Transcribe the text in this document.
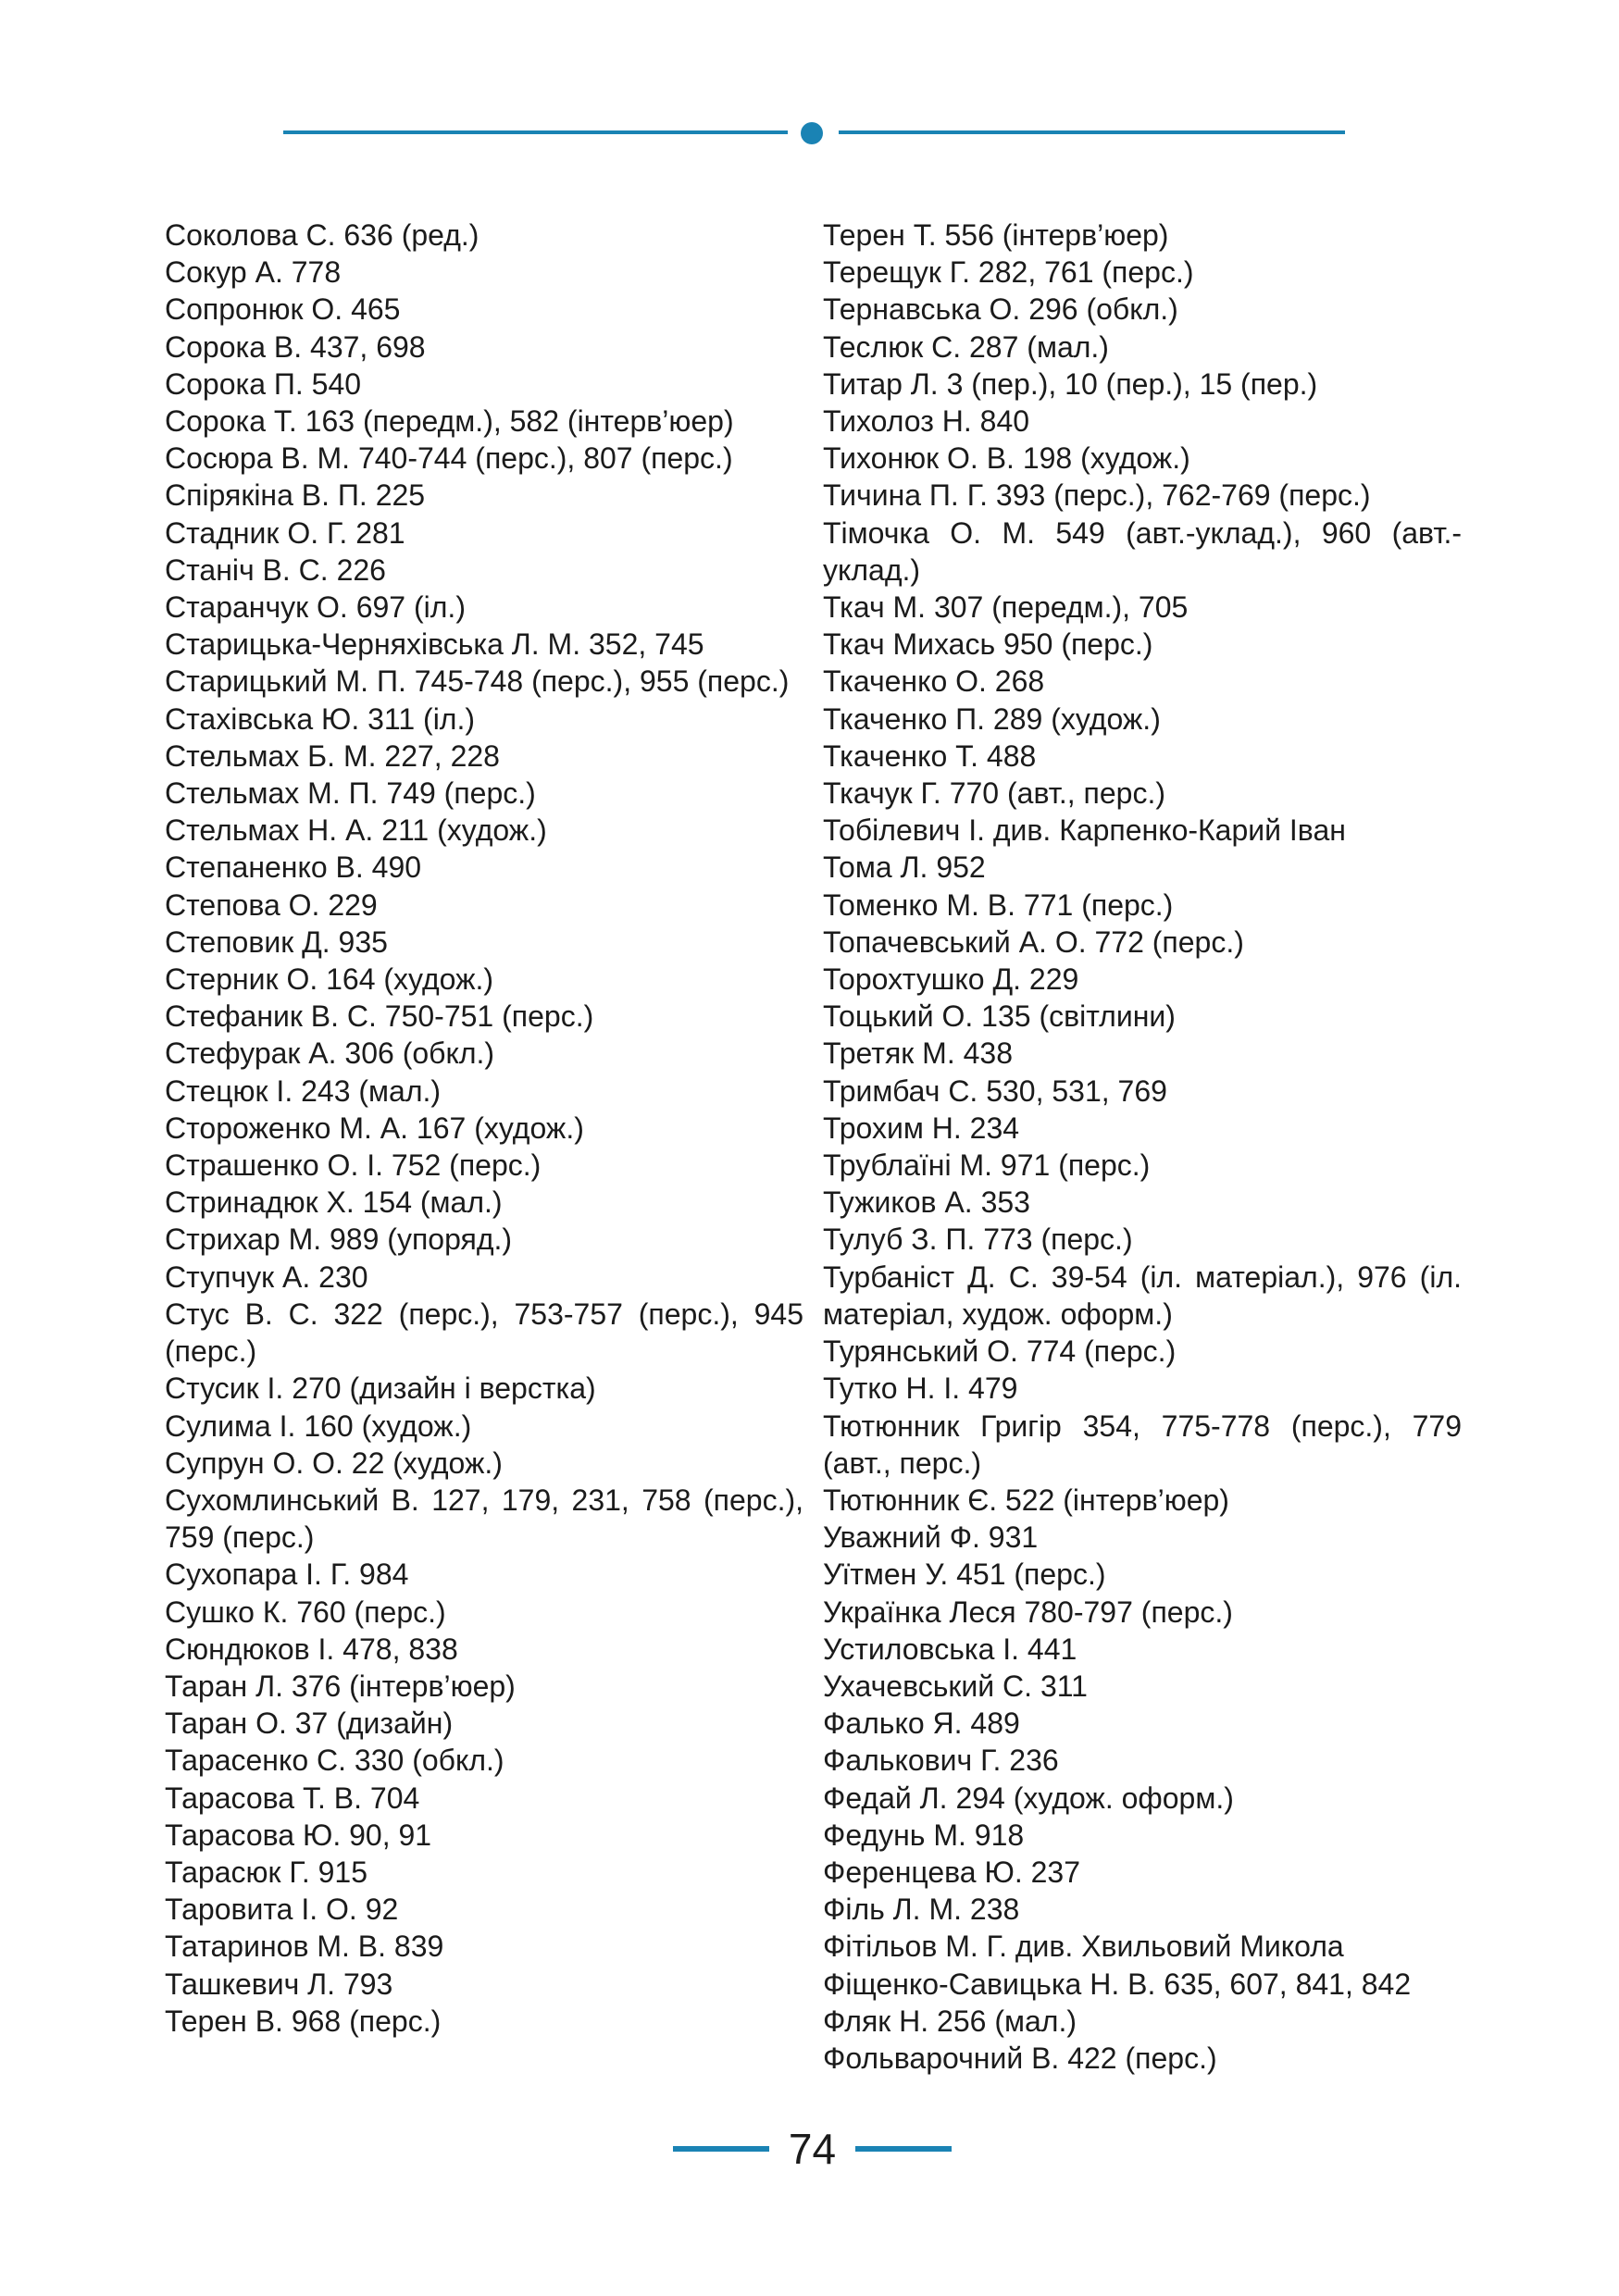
Соколова С. 636 (ред.)

Сокур А. 778

Сопронюк О. 465

Сорока В. 437, 698

Сорока П. 540

Сорока Т. 163 (передм.), 582 (інтерв’юер)

Сосюра В. М. 740-744 (перс.), 807 (перс.)

Спірякіна В. П. 225

Стадник О. Г. 281

Станіч В. С. 226

Старанчук О. 697 (іл.)

Старицька-Черняхівська Л. М. 352, 745

Старицький М. П. 745-748 (перс.), 955 (перс.)

Стахівська Ю. 311 (іл.)

Стельмах Б. М. 227, 228

Стельмах М. П. 749 (перс.)

Стельмах Н. А. 211 (худож.)

Степаненко В. 490

Степова О. 229

Степовик Д. 935

Стерник О. 164 (худож.)

Стефаник В. С. 750-751 (перс.)

Стефурак А. 306 (обкл.)

Стецюк І. 243 (мал.)

Стороженко М. А. 167 (худож.)

Страшенко О. І. 752 (перс.)

Стринадюк Х. 154 (мал.)

Стрихар М. 989 (упоряд.)

Ступчук А. 230

Стус В. С. 322 (перс.), 753-757 (перс.), 945 (перс.)

Стусик І. 270 (дизайн і верстка)

Сулима І. 160 (худож.)

Супрун О. О. 22 (худож.)

Сухомлинський В. 127, 179, 231, 758 (перс.), 759 (перс.)

Сухопара І. Г. 984

Сушко К. 760 (перс.)

Сюндюков І. 478, 838

Таран Л. 376 (інтерв’юер)

Таран О. 37 (дизайн)

Тарасенко С. 330 (обкл.)

Тарасова Т. В. 704

Тарасова Ю. 90, 91

Тарасюк Г. 915

Таровита І. О. 92

Татаринов М. В. 839

Ташкевич Л. 793

Терен В. 968 (перс.)

Терен Т. 556 (інтерв’юер)

Терещук Г. 282, 761 (перс.)

Тернавська О. 296 (обкл.)

Теслюк С. 287 (мал.)

Титар Л. 3 (пер.), 10 (пер.), 15 (пер.)

Тихолоз Н. 840

Тихонюк О. В. 198 (худож.)

Тичина П. Г. 393 (перс.), 762-769 (перс.)

Тімочка О. М. 549 (авт.-уклад.), 960 (авт.-уклад.)

Ткач М. 307 (передм.), 705

Ткач Михась 950 (перс.)

Ткаченко О. 268

Ткаченко П. 289 (худож.)

Ткаченко Т. 488

Ткачук Г. 770 (авт., перс.)

Тобілевич І. див. Карпенко-Карий Іван

Тома Л. 952

Томенко М. В. 771 (перс.)

Топачевський А. О. 772 (перс.)

Торохтушко Д. 229

Тоцький О. 135 (світлини)

Третяк М. 438

Тримбач С. 530, 531, 769

Трохим Н. 234

Трублаїні М. 971 (перс.)

Тужиков А. 353

Тулуб З. П. 773 (перс.)

Турбаніст Д. С. 39-54 (іл. матеріал.), 976 (іл. матеріал, худож. оформ.)

Турянський О. 774 (перс.)

Тутко Н. І. 479

Тютюнник Григір 354, 775-778 (перс.), 779 (авт., перс.)

Тютюнник Є. 522 (інтерв’юер)

Уважний Ф. 931

Уїтмен У. 451 (перс.)

Українка Леся 780-797 (перс.)

Устиловська І. 441

Ухачевський С. 311

Фалько Я. 489

Фалькович Г. 236

Федай Л. 294 (худож. оформ.)

Федунь М. 918

Ференцева Ю. 237

Філь Л. М. 238

Фітільов М. Г. див. Хвильовий Микола

Фіщенко-Савицька Н. В. 635, 607, 841, 842

Фляк Н. 256 (мал.)

Фольварочний В. 422 (перс.)

74
